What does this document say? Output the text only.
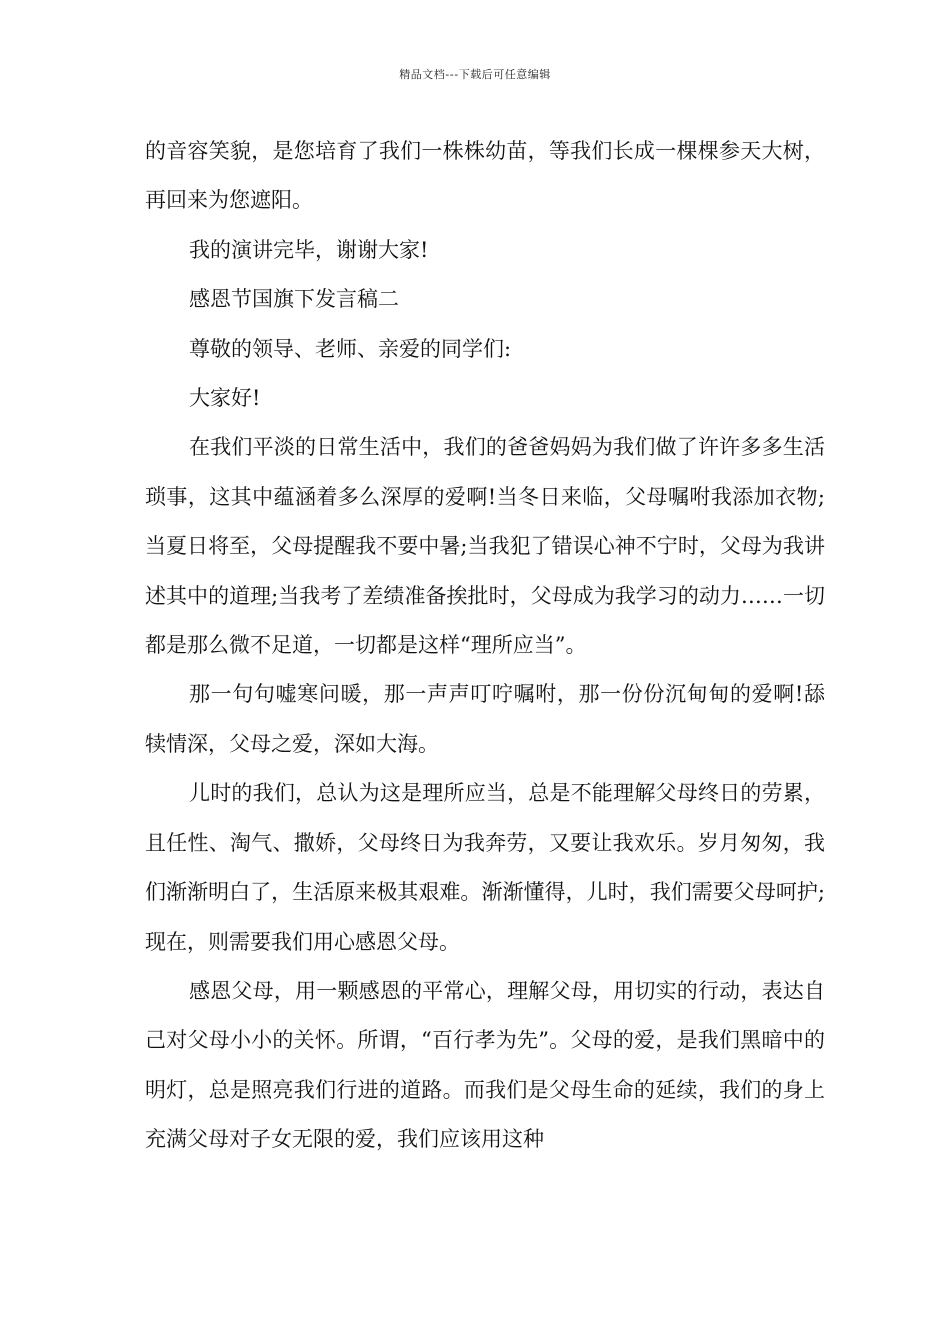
精品文档---下载后可任意编辑

的音容笑貌，是您培育了我们一株株幼苗，等我们长成一棵棵参天大树，再回来为您遮阳。

我的演讲完毕，谢谢大家!

感恩节国旗下发言稿二

尊敬的领导、老师、亲爱的同学们:

大家好!

在我们平淡的日常生活中，我们的爸爸妈妈为我们做了许许多多生活琐事，这其中蕴涵着多么深厚的爱啊!当冬日来临，父母嘱咐我添加衣物;当夏日将至，父母提醒我不要中暑;当我犯了错误心神不宁时，父母为我讲述其中的道理;当我考了差绩准备挨批时，父母成为我学习的动力……一切都是那么微不足道，一切都是这样“理所应当”。

那一句句嘘寒问暖，那一声声叮咛嘱咐，那一份份沉甸甸的爱啊!舔犊情深，父母之爱，深如大海。

儿时的我们，总认为这是理所应当，总是不能理解父母终日的劳累，且任性、淘气、撒娇，父母终日为我奔劳，又要让我欢乐。岁月匆匆，我们渐渐明白了，生活原来极其艰难。渐渐懂得，儿时，我们需要父母呵护;现在，则需要我们用心感恩父母。

感恩父母，用一颗感恩的平常心，理解父母，用切实的行动，表达自己对父母小小的关怀。所谓，“百行孝为先”。父母的爱，是我们黑暗中的明灯，总是照亮我们行进的道路。而我们是父母生命的延续，我们的身上充满父母对子女无限的爱，我们应该用这种
